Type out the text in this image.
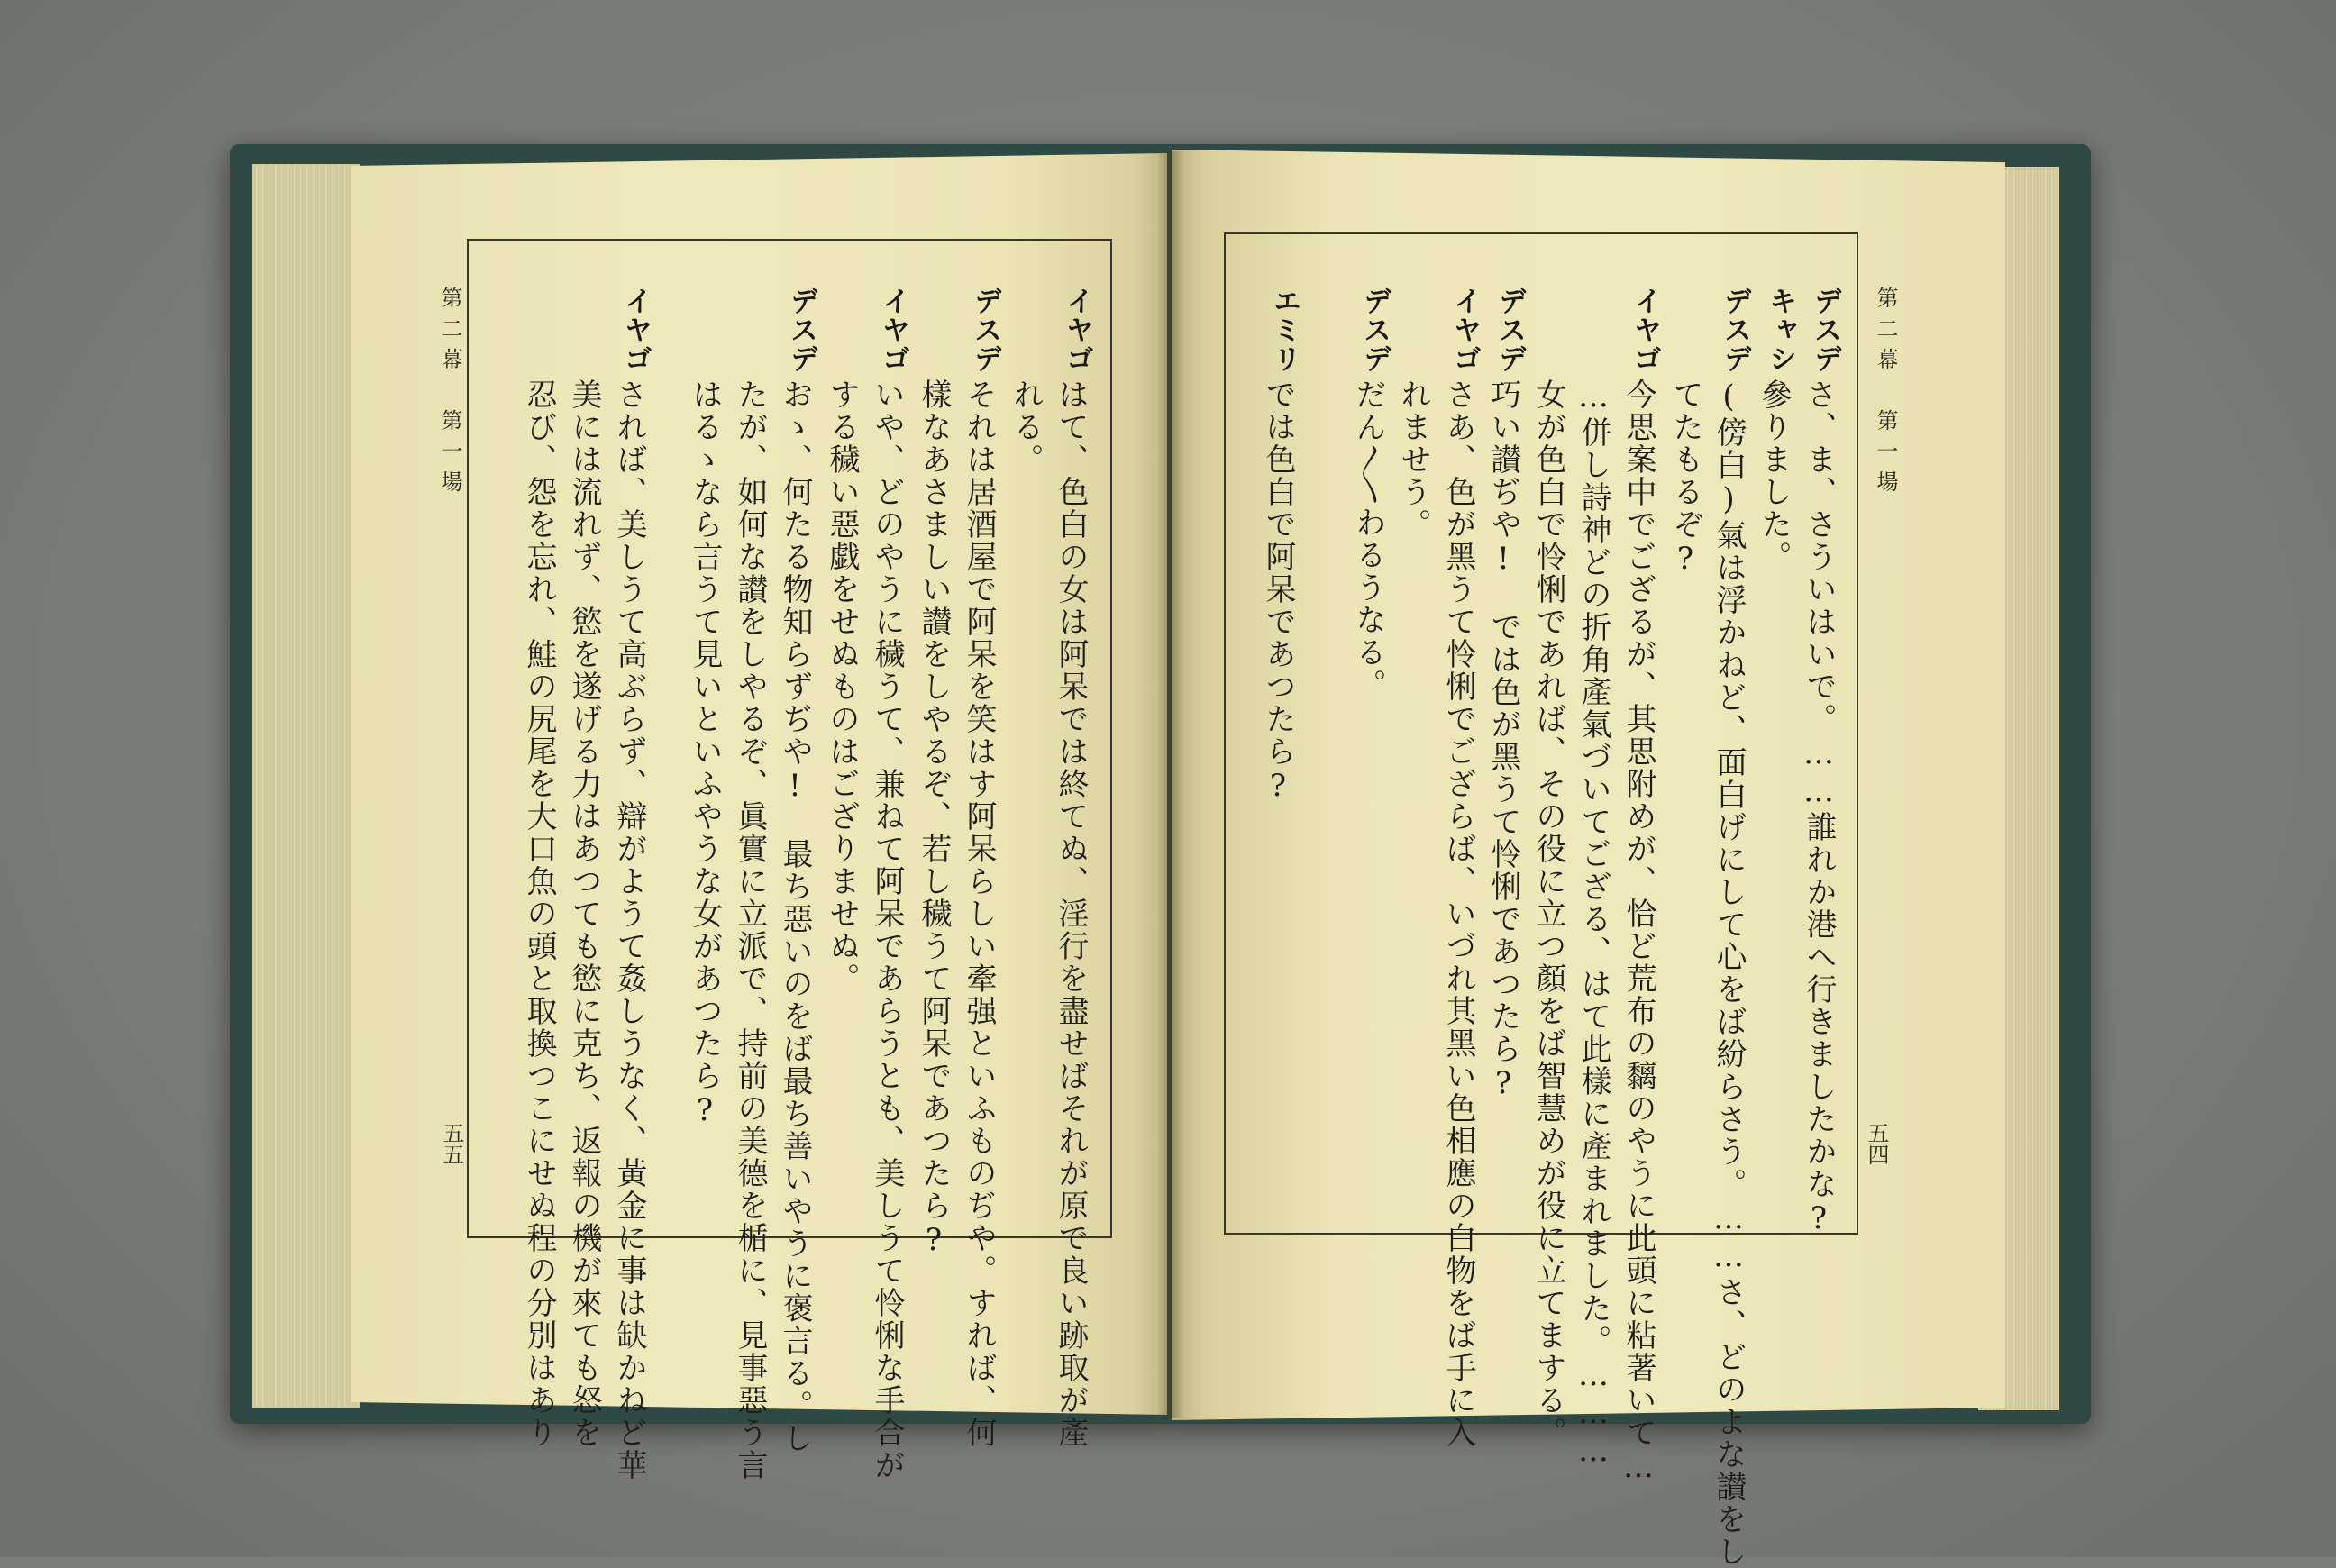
第二幕　第一場
五四
第二幕　第一場
五五
デスデ
さ、ま、さういはいで。……誰れか港へ行きましたかな?
キャシ
參りました。
デスデ
(傍白)氣は浮かねど、面白げにして心をば紛らさう。……さ、どのよな讃をし
てたもるぞ?
イヤゴ
今思案中でござるが、其思附めが、恰ど荒布の黐のやうに此頭に粘著いて…
…併し詩神どの折角產氣づいてござる、はて此樣に產まれました。………
女が色白で怜悧であれば、その役に立つ顏をば智慧めが役に立てまする。
デスデ
巧い讃ぢや!　では色が黑うて怜悧であつたら?
イヤゴ
さあ、色が黑うて怜悧でござらば、いづれ其黑い色相應の白物をば手に入
れませう。
デスデ
だん〳〵わるうなる。
エミリ
では色白で阿呆であつたら?
イヤゴ
はて、色白の女は阿呆では終てぬ、淫行を盡せばそれが原で良い跡取が產
れる。
デスデ
それは居酒屋で阿呆を笑はす阿呆らしい牽强といふものぢや。すれば、何
樣なあさましい讃をしやるぞ、若し穢うて阿呆であつたら?
イヤゴ
いや、どのやうに穢うて、兼ねて阿呆であらうとも、美しうて怜悧な手合が
する穢い惡戯をせぬものはござりませぬ。
デスデ
おゝ、何たる物知らずぢや!　最ち惡いのをば最ち善いやうに褒言る。し
たが、如何な讃をしやるぞ、眞實に立派で、持前の美德を楯に、見事惡う言
はるゝなら言うて見いといふやうな女があつたら?
イヤゴ
されば、美しうて高ぶらず、辯がようて姦しうなく、黃金に事は缺かねど華
美には流れず、慾を遂げる力はあつても慾に克ち、返報の機が來ても怒を
忍び、怨を忘れ、鮭の尻尾を大口魚の頭と取換つこにせぬ程の分別はあり
